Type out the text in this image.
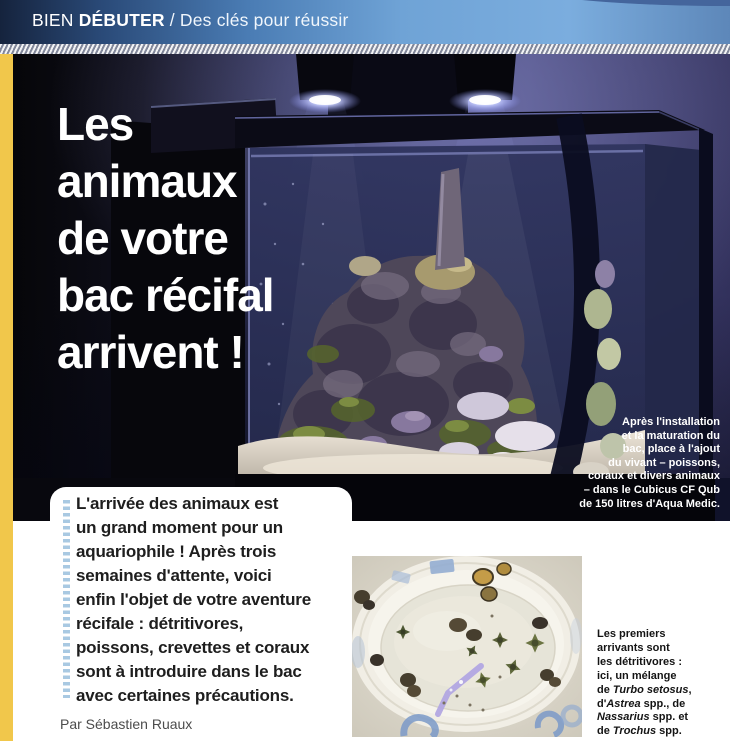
BIEN DÉBUTER / Des clés pour réussir
Les
animaux
de votre
bac récifal
arrivent !
Après l'installation
et la maturation du
bac, place à l'ajout
du vivant – poissons,
coraux et divers animaux
– dans le Cubicus CF Qub
de 150 litres d'Aqua Medic.

L'arrivée des animaux est
un grand moment pour un
aquariophile ! Après trois
semaines d'attente, voici
enfin l'objet de votre aventure
récifale : détritivores,
poissons, crevettes et coraux
sont à introduire dans le bac
avec certaines précautions.

Par Sébastien Ruaux
Les premiers
arrivants sont
les détritivores :
ici, un mélange
de Turbo setosus,
d'Astrea spp., de
Nassarius spp. et
de Trochus spp.
